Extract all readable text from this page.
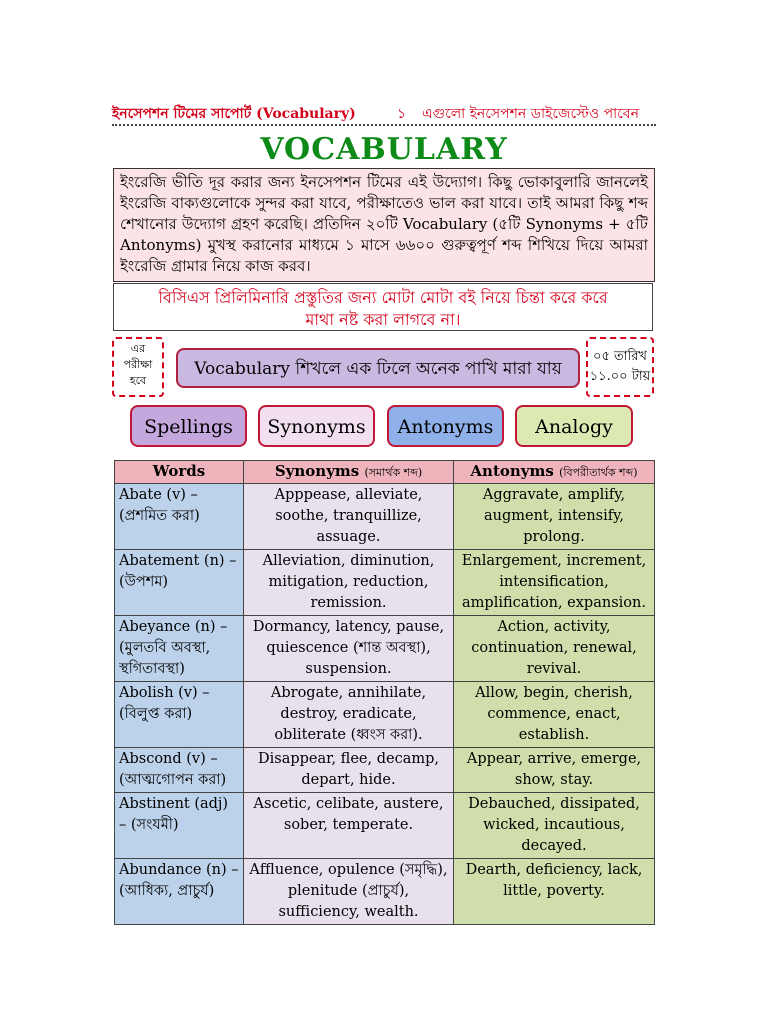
ইনসেপশন টিমের সাপোর্ট (Vocabulary)	১ এগুলো ইনসেপশন ডাইজেস্টেও পাবেন
VOCABULARY
ইংরেজি ভীতি দূর করার জন্য ইনসেপশন টিমের এই উদ্যোগ। কিছু ভোকাবুলারি জানলেই ইংরেজি বাক্যগুলোকে সুন্দর করা যাবে, পরীক্ষাতেও ভাল করা যাবে। তাই আমরা কিছু শব্দ শেখানোর উদ্যোগ গ্রহণ করেছি। প্রতিদিন ২০টি Vocabulary (৫টি Synonyms + ৫টি Antonyms) মুখস্থ করানোর মাধ্যমে ১ মাসে ৬৬০০ গুরুত্বপূর্ণ শব্দ শিখিয়ে দিয়ে আমরা ইংরেজি গ্রামার নিয়ে কাজ করব।
বিসিএস প্রিলিমিনারি প্রস্তুতির জন্য মোটা মোটা বই নিয়ে চিন্তা করে করে
মাথা নষ্ট করা লাগবে না।
এর
পরীক্ষা
হবে
Vocabulary শিখলে এক ঢিলে অনেক পাখি মারা যায়
০৫ তারিখ
১১.০০ টায়
Spellings	Synonyms	Antonyms	Analogy
Words	Synonyms (সমার্থক শব্দ)	Antonyms (বিপরীতার্থক শব্দ)
Abate (v) – (প্রশমিত করা)	Apppease, alleviate, soothe, tranquillize, assuage.	Aggravate, amplify, augment, intensify, prolong.
Abatement (n) – (উপশম)	Alleviation, diminution, mitigation, reduction, remission.	Enlargement, increment, intensification, amplification, expansion.
Abeyance (n) – (মুলতবি অবস্থা, স্থগিতাবস্থা)	Dormancy, latency, pause, quiescence (শান্ত অবস্থা), suspension.	Action, activity, continuation, renewal, revival.
Abolish (v) – (বিলুপ্ত করা)	Abrogate, annihilate, destroy, eradicate, obliterate (ধ্বংস করা).	Allow, begin, cherish, commence, enact, establish.
Abscond (v) – (আত্মগোপন করা)	Disappear, flee, decamp, depart, hide.	Appear, arrive, emerge, show, stay.
Abstinent (adj) – (সংযমী)	Ascetic, celibate, austere, sober, temperate.	Debauched, dissipated, wicked, incautious, decayed.
Abundance (n) – (আধিক্য, প্রাচুর্য)	Affluence, opulence (সমৃদ্ধি), plenitude (প্রাচুর্য), sufficiency, wealth.	Dearth, deficiency, lack, little, poverty.
